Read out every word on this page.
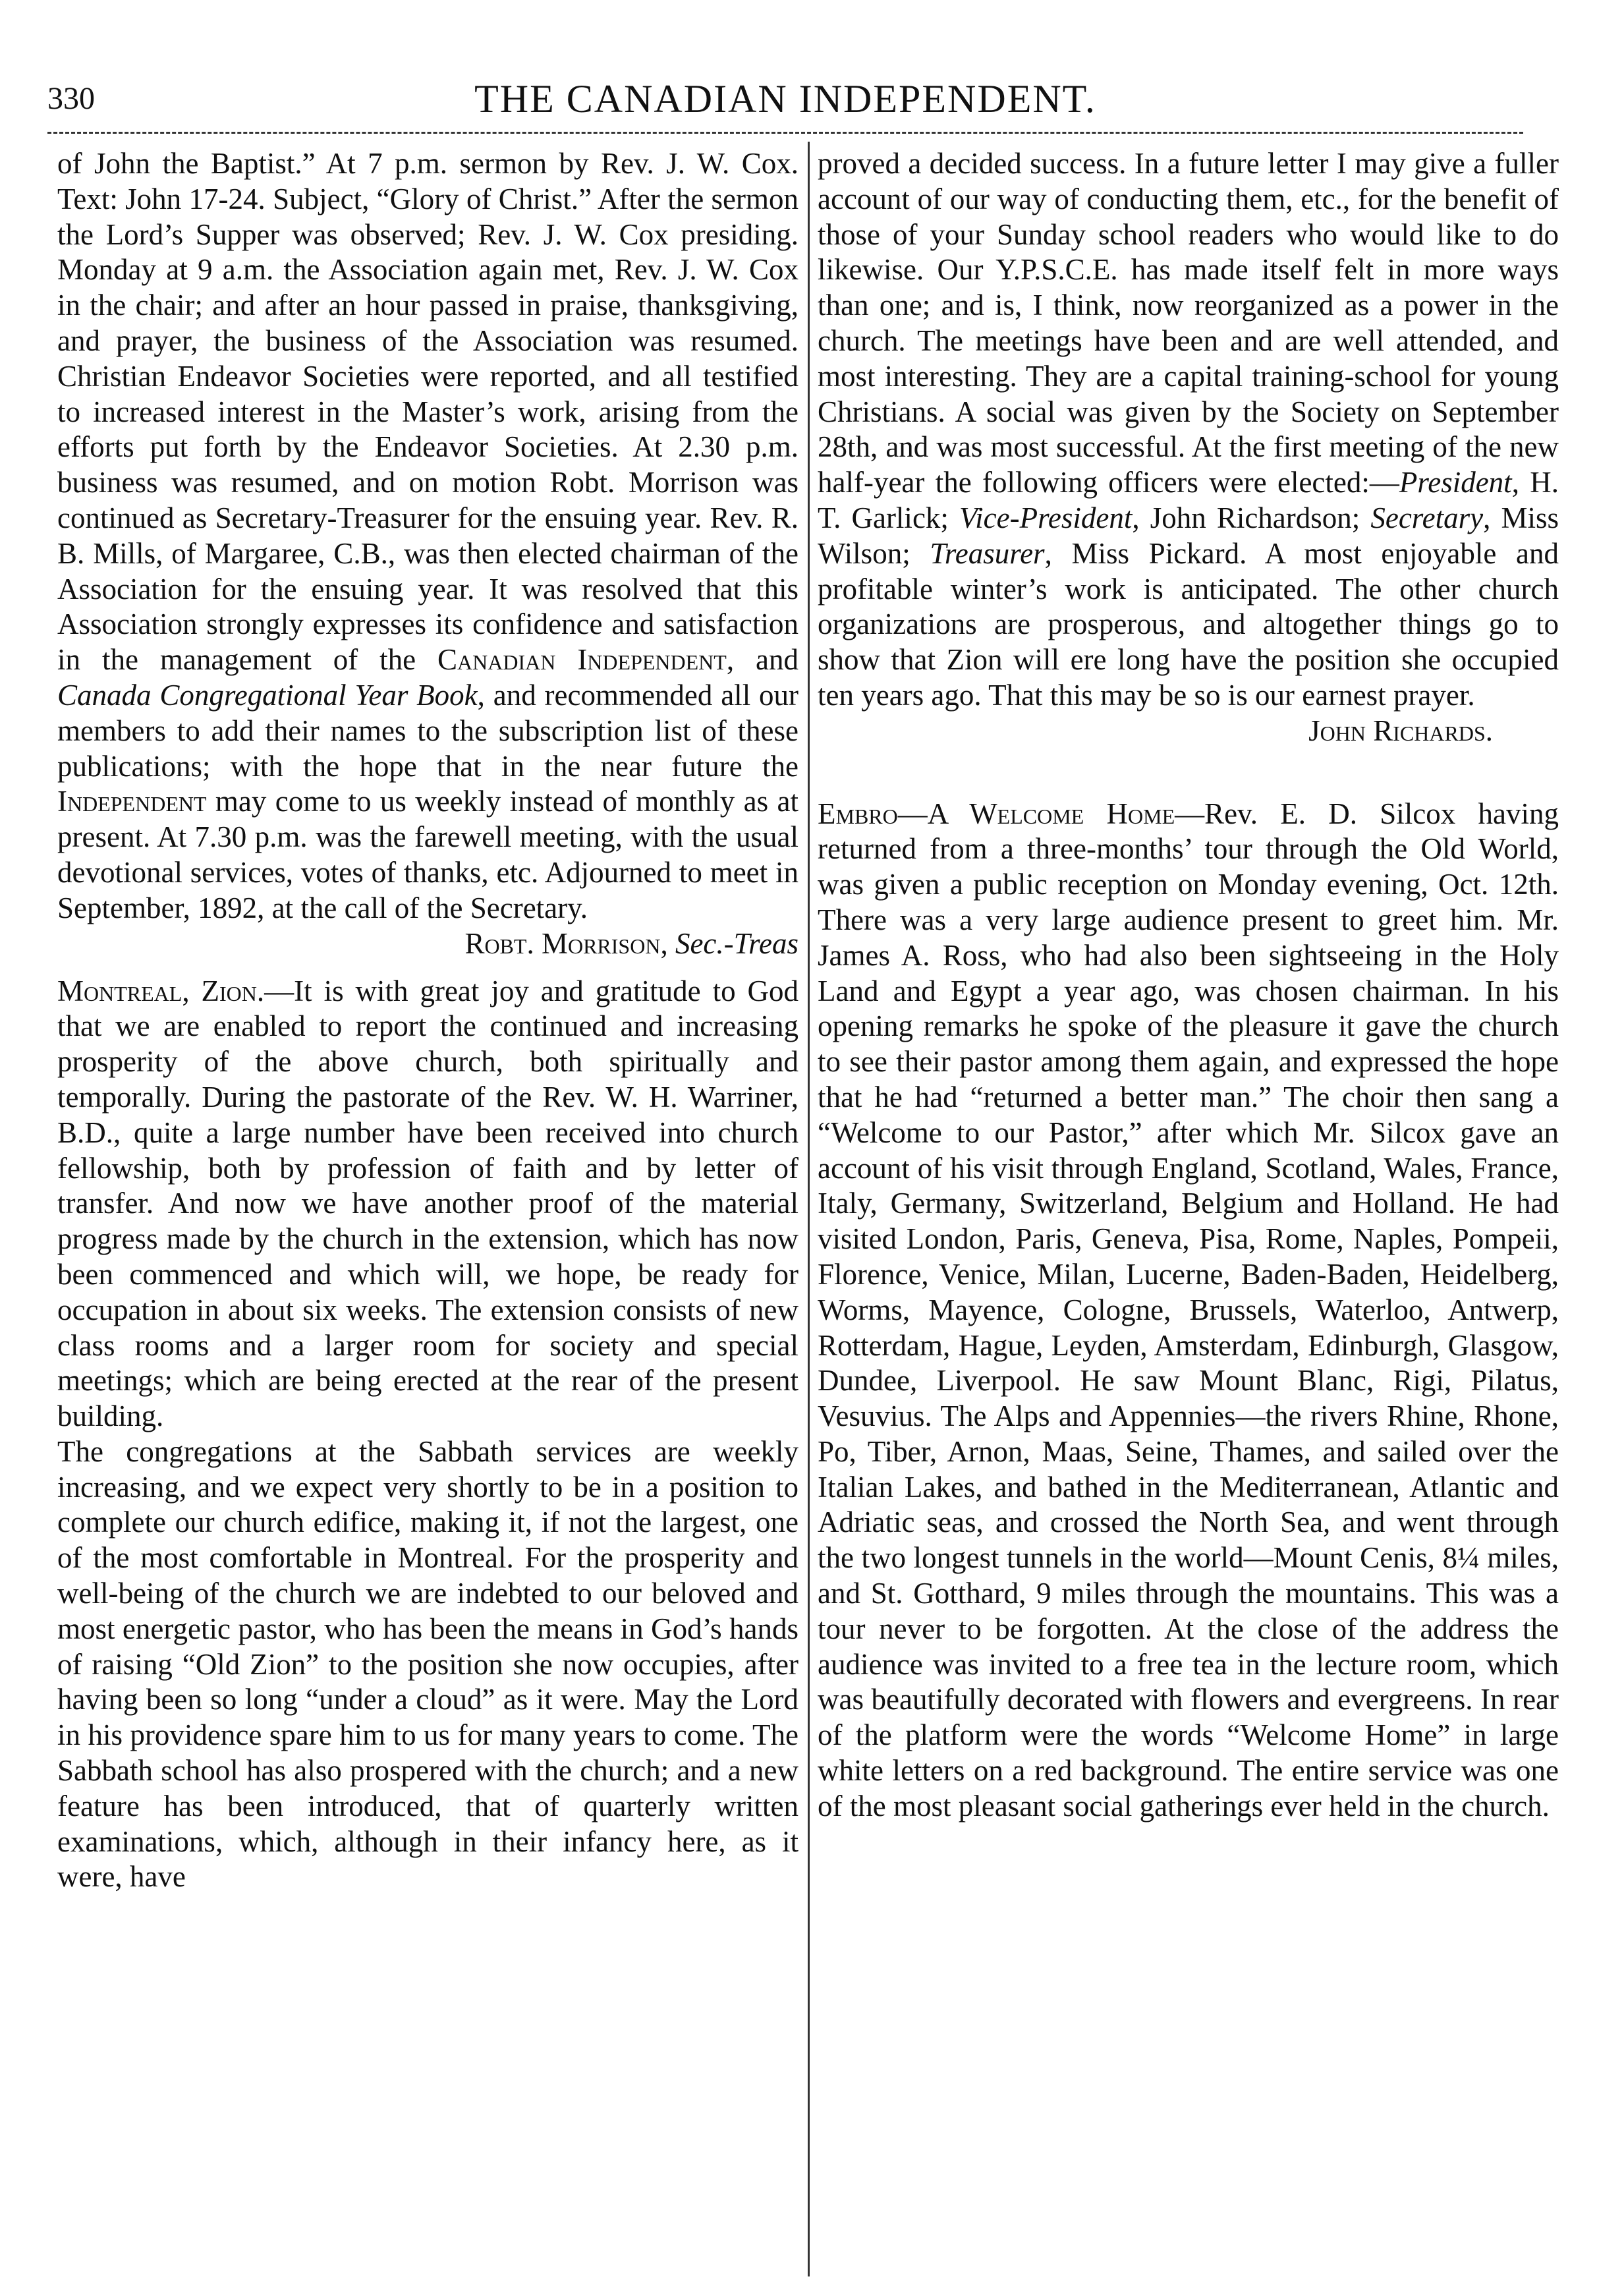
330	THE CANADIAN INDEPENDENT.

of John the Baptist.” At 7 p.m. sermon by Rev. J. W. Cox. Text: John 17-24. Subject, “Glory of Christ.” After the sermon the Lord’s Supper was observed; Rev. J. W. Cox presiding. Monday at 9 a.m. the Association again met, Rev. J. W. Cox in the chair; and after an hour passed in praise, thanksgiving, and prayer, the business of the Association was resumed. Christian Endeavor Societies were reported, and all testified to increased interest in the Master’s work, arising from the efforts put forth by the Endeavor Societies. At 2.30 p.m. business was resumed, and on motion Robt. Morrison was continued as Secretary-Treasurer for the ensuing year. Rev. R. B. Mills, of Margaree, C.B., was then elected chairman of the Association for the ensuing year. It was resolved that this Association strongly expresses its confidence and satisfaction in the management of the Canadian Independent, and Canada Congregational Year Book, and recommended all our members to add their names to the subscription list of these publications; with the hope that in the near future the Independent may come to us weekly instead of monthly as at present. At 7.30 p.m. was the farewell meeting, with the usual devotional services, votes of thanks, etc. Adjourned to meet in September, 1892, at the call of the Secretary.
Robt. Morrison, Sec.-Treas

Montreal, Zion.—It is with great joy and gratitude to God that we are enabled to report the continued and increasing prosperity of the above church, both spiritually and temporally. During the pastorate of the Rev. W. H. Warriner, B.D., quite a large number have been received into church fellowship, both by profession of faith and by letter of transfer. And now we have another proof of the material progress made by the church in the extension, which has now been commenced and which will, we hope, be ready for occupation in about six weeks. The extension consists of new class rooms and a larger room for society and special meetings; which are being erected at the rear of the present building.

The congregations at the Sabbath services are weekly increasing, and we expect very shortly to be in a position to complete our church edifice, making it, if not the largest, one of the most comfortable in Montreal. For the prosperity and well-being of the church we are indebted to our beloved and most energetic pastor, who has been the means in God’s hands of raising “Old Zion” to the position she now occupies, after having been so long “under a cloud” as it were. May the Lord in his providence spare him to us for many years to come. The Sabbath school has also prospered with the church; and a new feature has been introduced, that of quarterly written examinations, which, although in their infancy here, as it were, have

proved a decided success. In a future letter I may give a fuller account of our way of conducting them, etc., for the benefit of those of your Sunday school readers who would like to do likewise. Our Y.P.S.C.E. has made itself felt in more ways than one; and is, I think, now reorganized as a power in the church. The meetings have been and are well attended, and most interesting. They are a capital training-school for young Christians. A social was given by the Society on September 28th, and was most successful. At the first meeting of the new half-year the following officers were elected:—President, H. T. Garlick; Vice-President, John Richardson; Secretary, Miss Wilson; Treasurer, Miss Pickard. A most enjoyable and profitable winter’s work is anticipated. The other church organizations are prosperous, and altogether things go to show that Zion will ere long have the position she occupied ten years ago. That this may be so is our earnest prayer.

John Richards.

Embro—A Welcome Home—Rev. E. D. Silcox having returned from a three-months’ tour through the Old World, was given a public reception on Monday evening, Oct. 12th. There was a very large audience present to greet him. Mr. James A. Ross, who had also been sightseeing in the Holy Land and Egypt a year ago, was chosen chairman. In his opening remarks he spoke of the pleasure it gave the church to see their pastor among them again, and expressed the hope that he had “returned a better man.” The choir then sang a “Welcome to our Pastor,” after which Mr. Silcox gave an account of his visit through England, Scotland, Wales, France, Italy, Germany, Switzerland, Belgium and Holland. He had visited London, Paris, Geneva, Pisa, Rome, Naples, Pompeii, Florence, Venice, Milan, Lucerne, Baden-Baden, Heidelberg, Worms, Mayence, Cologne, Brussels, Waterloo, Antwerp, Rotterdam, Hague, Leyden, Amsterdam, Edinburgh, Glasgow, Dundee, Liverpool. He saw Mount Blanc, Rigi, Pilatus, Vesuvius. The Alps and Appennies—the rivers Rhine, Rhone, Po, Tiber, Arnon, Maas, Seine, Thames, and sailed over the Italian Lakes, and bathed in the Mediterranean, Atlantic and Adriatic seas, and crossed the North Sea, and went through the two longest tunnels in the world—Mount Cenis, 8¼ miles, and St. Gotthard, 9 miles through the mountains. This was a tour never to be forgotten. At the close of the address the audience was invited to a free tea in the lecture room, which was beautifully decorated with flowers and evergreens. In rear of the platform were the words “Welcome Home” in large white letters on a red background. The entire service was one of the most pleasant social gatherings ever held in the church.
